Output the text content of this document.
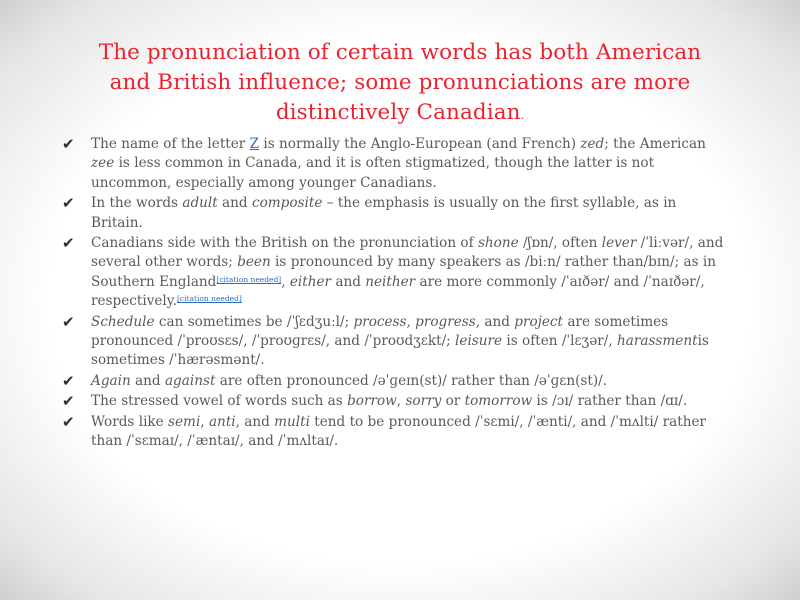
The pronunciation of certain words has both American
and British influence; some pronunciations are more
distinctively Canadian.
✔ The name of the letter Z is normally the Anglo-European (and French) zed; the American zee is less common in Canada, and it is often stigmatized, though the latter is not uncommon, especially among younger Canadians.
✔ In the words adult and composite – the emphasis is usually on the first syllable, as in Britain.
✔ Canadians side with the British on the pronunciation of shone /ʃɒn/, often lever /ˈliːvər/, and several other words; been is pronounced by many speakers as /biːn/ rather than/bɪn/; as in Southern England[citation needed], either and neither are more commonly /ˈaɪðər/ and /ˈnaɪðər/, respectively.[citation needed]
✔ Schedule can sometimes be /ˈʃɛdʒuːl/; process, progress, and project are sometimes pronounced /ˈproʊsɛs/, /ˈproʊɡrɛs/, and /ˈproʊdʒɛkt/; leisure is often /ˈlɛʒər/, harassmentis sometimes /ˈhærəsmənt/.
✔ Again and against are often pronounced /əˈɡeɪn(st)/ rather than /əˈɡɛn(st)/.
✔ The stressed vowel of words such as borrow, sorry or tomorrow is /ɔɪ/ rather than /ɑɪ/.
✔ Words like semi, anti, and multi tend to be pronounced /ˈsɛmi/, /ˈænti/, and /ˈmʌlti/ rather than /ˈsɛmaɪ/, /ˈæntaɪ/, and /ˈmʌltaɪ/.
